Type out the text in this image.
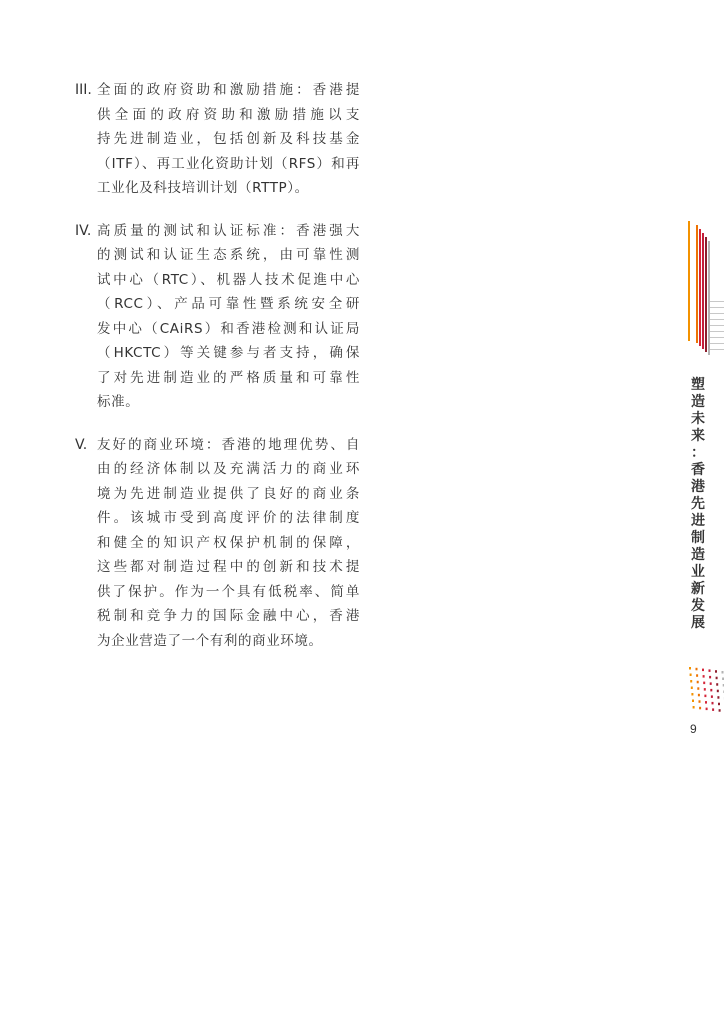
III. 全面的政府资助和激励措施：香港提
供全面的政府资助和激励措施以支
持先进制造业，包括创新及科技基金
（ITF）、再工业化资助计划（RFS）和再
工业化及科技培训计划（RTTP）。
IV. 高质量的测试和认证标准：香港强大
的测试和认证生态系统，由可靠性测
试中心（RTC）、机器人技术促進中心
（RCC）、产品可靠性暨系统安全研
发中心（CAiRS）和香港检测和认证局
（HKCTC）等关键参与者支持，确保
了对先进制造业的严格质量和可靠性
标准。
V. 友好的商业环境：香港的地理优势、自
由的经济体制以及充满活力的商业环
境为先进制造业提供了良好的商业条
件。该城市受到高度评价的法律制度
和健全的知识产权保护机制的保障，
这些都对制造过程中的创新和技术提
供了保护。作为一个具有低税率、简单
税制和竞争力的国际金融中心，香港
为企业营造了一个有利的商业环境。
塑
造
未
来
：
香
港
先
进
制
造
业
新
发
展
9
